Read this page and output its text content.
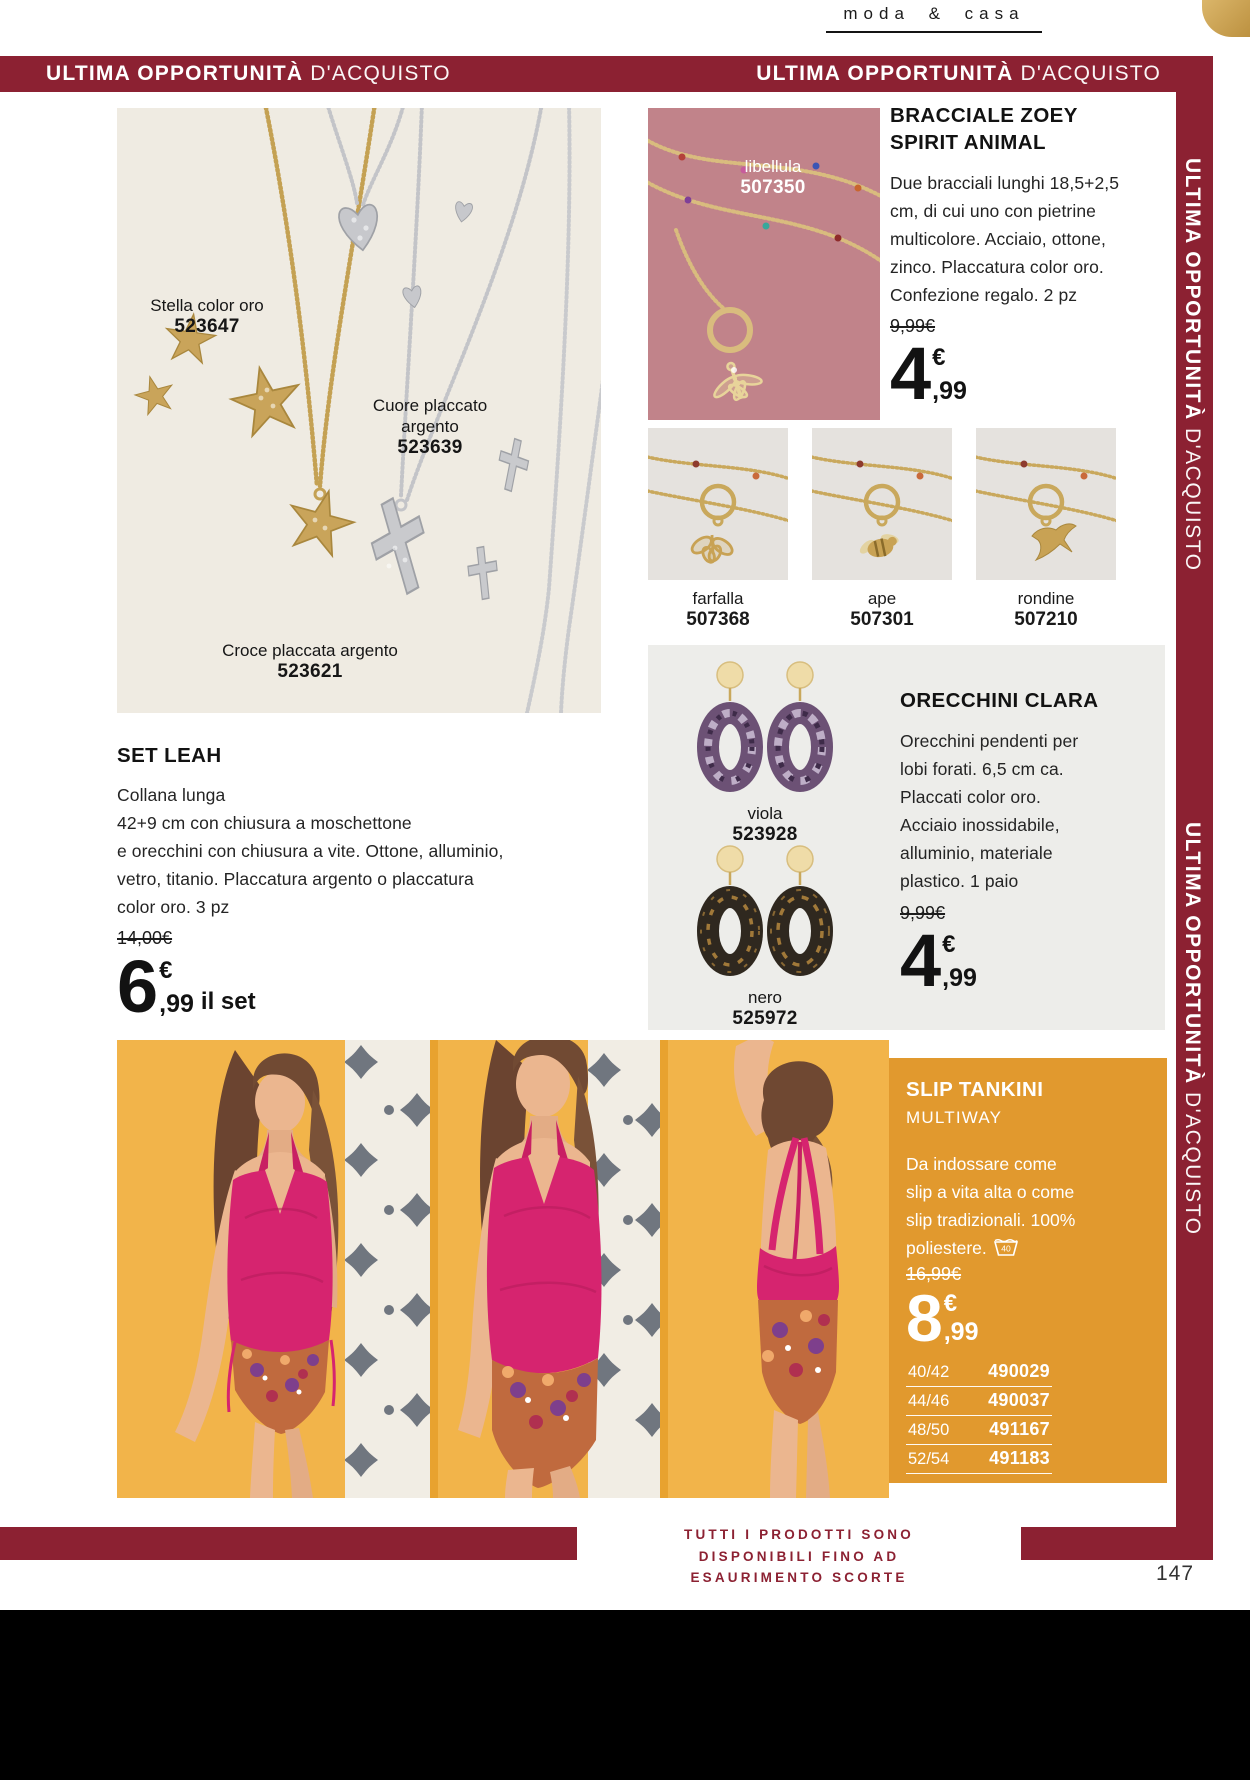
moda & casa
ULTIMA OPPORTUNITÀ D'ACQUISTO	ULTIMA OPPORTUNITÀ D'ACQUISTO
ULTIMA OPPORTUNITÀ D'ACQUISTO
ULTIMA OPPORTUNITÀ D'ACQUISTO
Stella color oro
523647
Cuore placcato argento
523639
Croce placcata argento
523621
libellula
507350
BRACCIALE ZOEY
SPIRIT ANIMAL
Due bracciali lunghi 18,5+2,5
cm, di cui uno con pietrine
multicolore. Acciaio, ottone,
zinco. Placcatura color oro.
Confezione regalo. 2 pz
9,99€
4 €
,99
farfalla
507368
ape
507301
rondine
507210
viola
523928
nero
525972
ORECCHINI CLARA
Orecchini pendenti per
lobi forati. 6,5 cm ca.
Placcati color oro.
Acciaio inossidabile,
alluminio, materiale
plastico. 1 paio
9,99€
4 €
,99
SET LEAH
Collana lunga
42+9 cm con chiusura a moschettone
e orecchini con chiusura a vite. Ottone, alluminio,
vetro, titanio. Placcatura argento o placcatura
color oro. 3 pz
14,00€
6 €
,99 il set
SLIP TANKINI
MULTIWAY
Da indossare come
slip a vita alta o come
slip tradizionali. 100%
poliestere. 40
16,99€
8 €
,99
40/42 490029
44/46 490037
48/50 491167
52/54 491183
TUTTI I PRODOTTI SONO
DISPONIBILI FINO AD
ESAURIMENTO SCORTE	147
